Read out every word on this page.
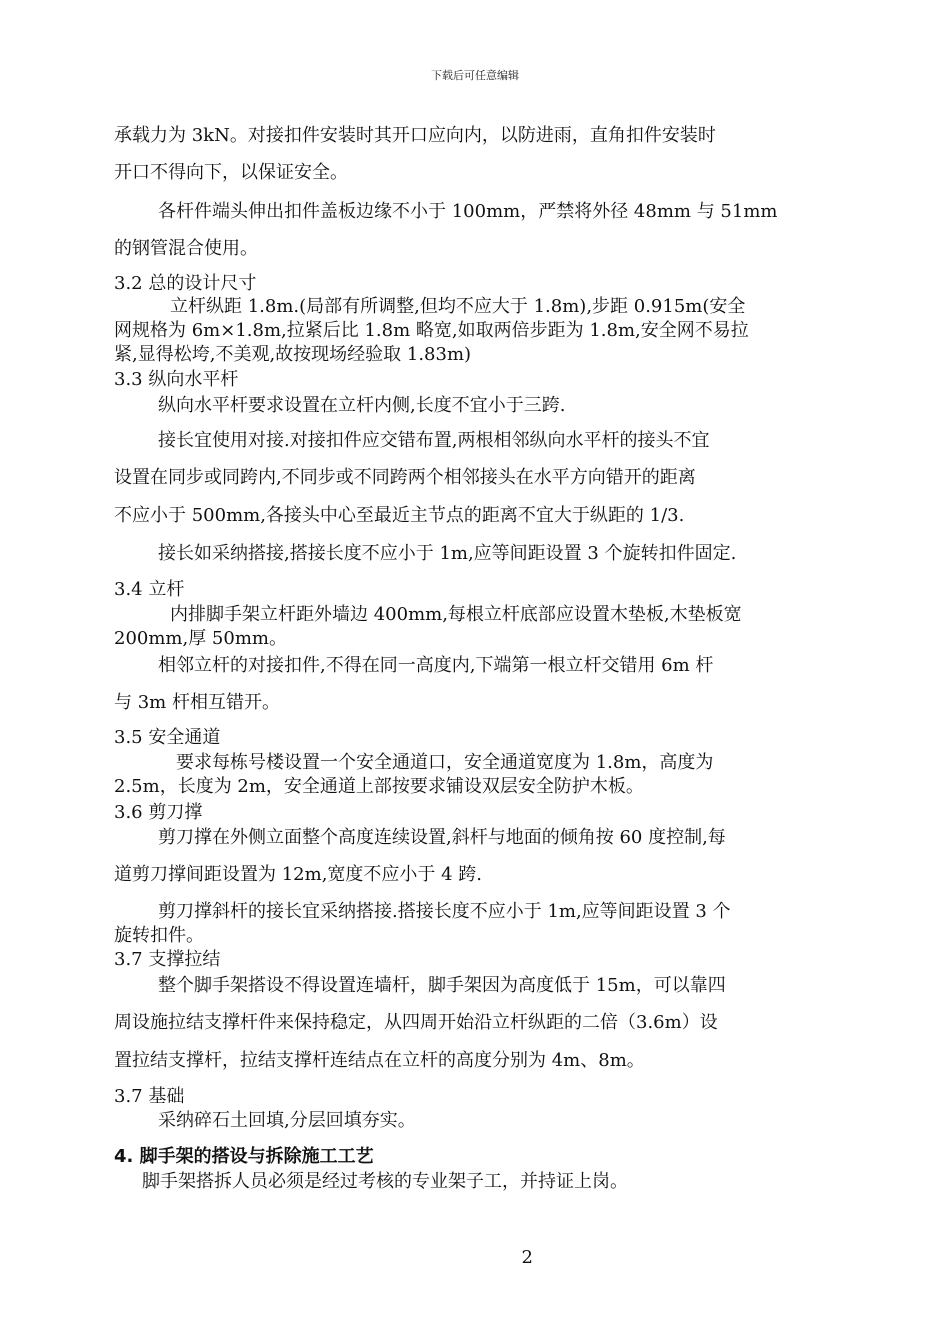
下载后可任意编辑
承载力为 3kN。对接扣件安装时其开口应向内，以防进雨，直角扣件安装时
开口不得向下，以保证安全。
各杆件端头伸出扣件盖板边缘不小于 100mm，严禁将外径 48mm 与 51mm
的钢管混合使用。
3.2 总的设计尺寸
立杆纵距 1.8m.(局部有所调整,但均不应大于 1.8m),步距 0.915m(安全
网规格为 6m×1.8m,拉紧后比 1.8m 略宽,如取两倍步距为 1.8m,安全网不易拉
紧,显得松垮,不美观,故按现场经验取 1.83m)
3.3 纵向水平杆
纵向水平杆要求设置在立杆内侧,长度不宜小于三跨.
接长宜使用对接.对接扣件应交错布置,两根相邻纵向水平杆的接头不宜
设置在同步或同跨内,不同步或不同跨两个相邻接头在水平方向错开的距离
不应小于 500mm,各接头中心至最近主节点的距离不宜大于纵距的 1/3.
接长如采纳搭接,搭接长度不应小于 1m,应等间距设置 3 个旋转扣件固定.
3.4 立杆
内排脚手架立杆距外墙边 400mm,每根立杆底部应设置木垫板,木垫板宽
200mm,厚 50mm。
相邻立杆的对接扣件,不得在同一高度内,下端第一根立杆交错用 6m 杆
与 3m 杆相互错开。
3.5 安全通道
要求每栋号楼设置一个安全通道口，安全通道宽度为 1.8m，高度为
2.5m，长度为 2m，安全通道上部按要求铺设双层安全防护木板。
3.6 剪刀撑
剪刀撑在外侧立面整个高度连续设置,斜杆与地面的倾角按 60 度控制,每
道剪刀撑间距设置为 12m,宽度不应小于 4 跨.
剪刀撑斜杆的接长宜采纳搭接.搭接长度不应小于 1m,应等间距设置 3 个
旋转扣件。
3.7 支撑拉结
整个脚手架搭设不得设置连墙杆，脚手架因为高度低于 15m，可以靠四
周设施拉结支撑杆件来保持稳定，从四周开始沿立杆纵距的二倍（3.6m）设
置拉结支撑杆，拉结支撑杆连结点在立杆的高度分别为 4m、8m。
3.7 基础
采纳碎石土回填,分层回填夯实。
4. 脚手架的搭设与拆除施工工艺
脚手架搭拆人员必须是经过考核的专业架子工，并持证上岗。
2
